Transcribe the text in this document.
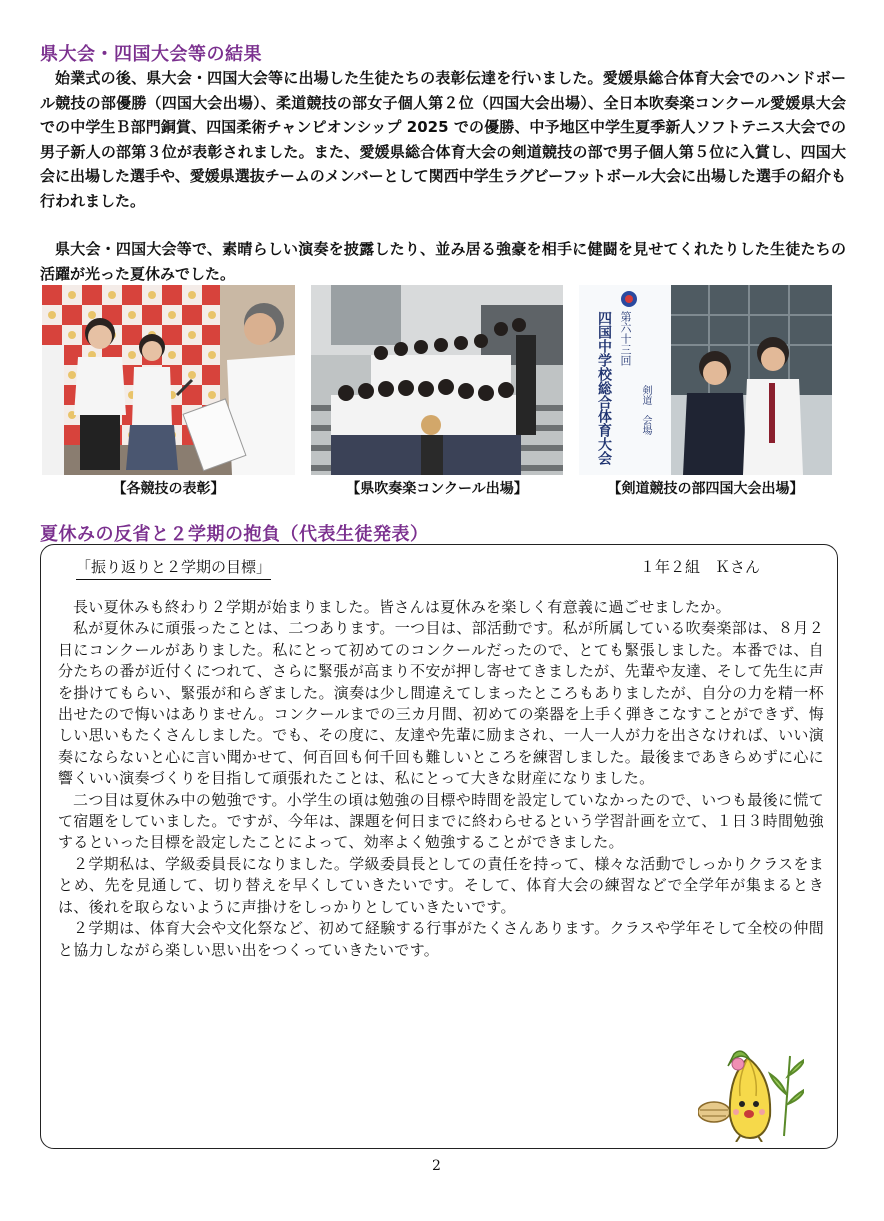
県大会・四国大会等の結果

始業式の後、県大会・四国大会等に出場した生徒たちの表彰伝達を行いました。愛媛県総合体育大会でのハンドボール競技の部優勝（四国大会出場）、柔道競技の部女子個人第２位（四国大会出場）、全日本吹奏楽コンクール愛媛県大会での中学生Ｂ部門銅賞、四国柔術チャンピオンシップ 2025 での優勝、中予地区中学生夏季新人ソフトテニス大会での男子新人の部第３位が表彰されました。また、愛媛県総合体育大会の剣道競技の部で男子個人第５位に入賞し、四国大会に出場した選手や、愛媛県選抜チームのメンバーとして関西中学生ラグビーフットボール大会に出場した選手の紹介も行われました。

県大会・四国大会等で、素晴らしい演奏を披露したり、並み居る強豪を相手に健闘を見せてくれたりした生徒たちの活躍が光った夏休みでした。

【各競技の表彰】	【県吹奏楽コンクール出場】
第六十三回
四国中学校総合体育大会	剣道　会場
【剣道競技の部四国大会出場】
夏休みの反省と２学期の抱負（代表生徒発表）
「振り返りと２学期の目標」	１年２組　Ｋさん

長い夏休みも終わり２学期が始まりました。皆さんは夏休みを楽しく有意義に過ごせましたか。

私が夏休みに頑張ったことは、二つあります。一つ目は、部活動です。私が所属している吹奏楽部は、８月２日にコンクールがありました。私にとって初めてのコンクールだったので、とても緊張しました。本番では、自分たちの番が近付くにつれて、さらに緊張が高まり不安が押し寄せてきましたが、先輩や友達、そして先生に声を掛けてもらい、緊張が和らぎました。演奏は少し間違えてしまったところもありましたが、自分の力を精一杯出せたので悔いはありません。コンクールまでの三カ月間、初めての楽器を上手く弾きこなすことができず、悔しい思いもたくさんしました。でも、その度に、友達や先輩に励まされ、一人一人が力を出さなければ、いい演奏にならないと心に言い聞かせて、何百回も何千回も難しいところを練習しました。最後まであきらめずに心に響くいい演奏づくりを目指して頑張れたことは、私にとって大きな財産になりました。

二つ目は夏休み中の勉強です。小学生の頃は勉強の目標や時間を設定していなかったので、いつも最後に慌てて宿題をしていました。ですが、今年は、課題を何日までに終わらせるという学習計画を立て、１日３時間勉強するといった目標を設定したことによって、効率よく勉強することができました。

２学期私は、学級委員長になりました。学級委員長としての責任を持って、様々な活動でしっかりクラスをまとめ、先を見通して、切り替えを早くしていきたいです。そして、体育大会の練習などで全学年が集まるときは、後れを取らないように声掛けをしっかりとしていきたいです。

２学期は、体育大会や文化祭など、初めて経験する行事がたくさんあります。クラスや学年そして全校の仲間と協力しながら楽しい思い出をつくっていきたいです。

2
